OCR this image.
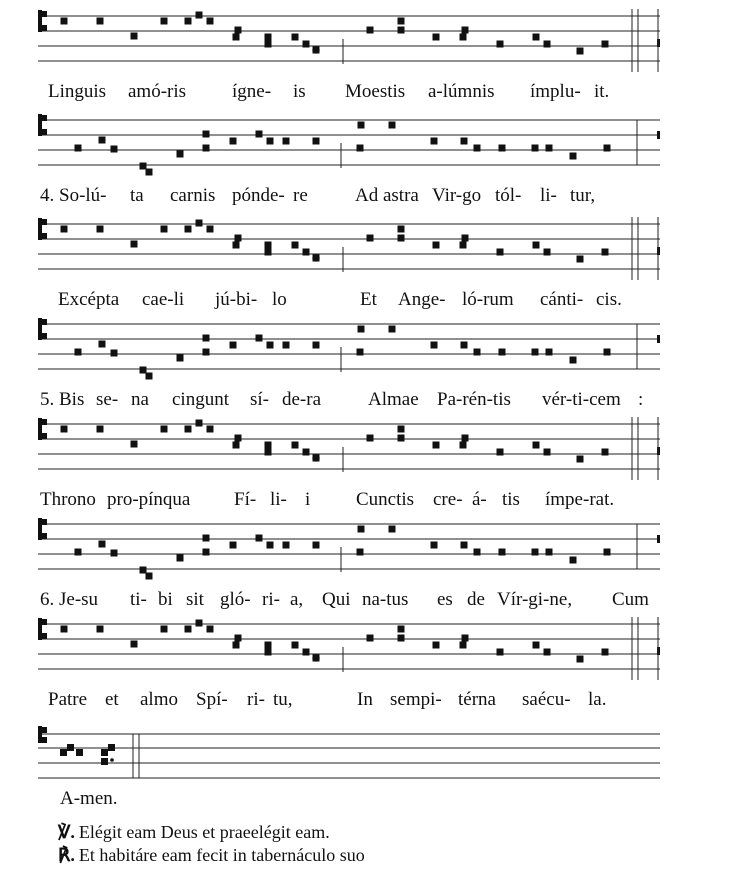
Linguis amó-ris ígne- is Moestis a-lúmnis ímplu- it.
4. So-lú- ta carnis pónde- re Ad astra Vir-go tól- li- tur,
Excépta cae-li jú-bi- lo	Et Ange- ló-rum cánti- cis.
5. Bis se- na cingunt sí- de-ra Almae Pa-rén-tis vér-ti-cem :
Throno pro-pínqua Fí- li- i Cunctis cre- á- tis ímpe-rat.
6. Je-su ti- bi sit gló- ri- a, Qui na-tus es de Vír-gi-ne, Cum
Patre et almo Spí- ri- tu,	In sempi- térna saécu- la.
A-men.
℣. Elégit eam Deus et praeelégit eam.
℟. Et habitáre eam fecit in tabernáculo suo
